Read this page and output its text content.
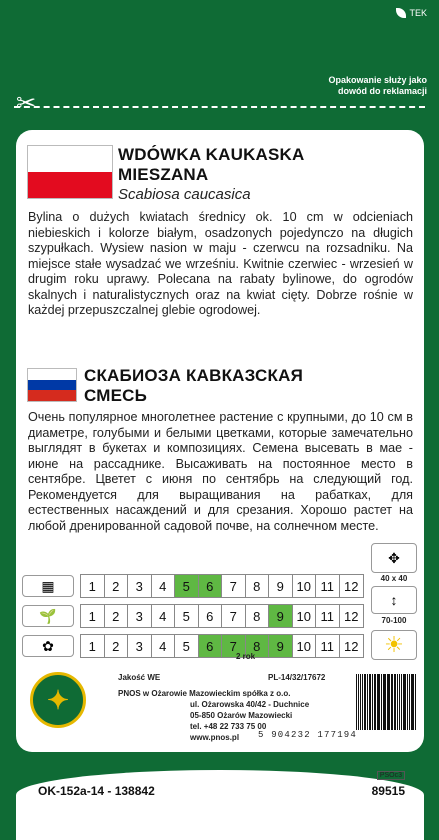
TEK
Opakowanie służy jako dowód do reklamacji
✂
WDÓWKA KAUKASKA
MIESZANA
Scabiosa caucasica
Bylina o dużych kwiatach średnicy ok. 10 cm w odcieniach niebieskich i kolorze białym, osadzonych pojedynczo na długich szypułkach. Wysiew nasion w maju - czerwcu na rozsadniku. Na miejsce stałe wysadzać we wrześniu. Kwitnie czerwiec - wrzesień w drugim roku uprawy. Polecana na rabaty bylinowe, do ogrodów skalnych i naturalistycznych oraz na kwiat cięty. Dobrze rośnie w każdej przepuszczalnej glebie ogrodowej.
СКАБИОЗА КАВКАЗСКАЯ
СМЕСЬ
Очень популярное многолетнее растение с крупными, до 10 см в диаметре, голубыми и белыми цветками, которые замечательно выглядят в букетах и композициях. Семена высевать в мае - июне на рассаднике. Высаживать на постоянное место в сентябре. Цветет с июня по сентябрь на следующий год. Рекомендуется для выращивания на рабатках, для естественных насаждений и для срезания. Хорошо растет на любой дренированной садовой почве, на солнечном месте.
▦	1	2	3	4	5	6	7	8	9 10 11 12
🌱	1	2	3	4	5	6	7	8	9 10 11 12
✿	1	2	3	4	5	6	7	8	9 10 11 12
2 rok
✥
40 x 40
↕
70-100
☀
✦
Jakość WE	PL-14/32/17672
PNOS w Ożarowie Mazowieckim spółka z o.o.
ul. Ożarowska 40/42 - Duchnice
05-850 Ożarów Mazowiecki
tel. +48 22 733 75 00
www.pnos.pl 5 904232 177194
PSOc3
OK-152a-14 - 138842	89515
